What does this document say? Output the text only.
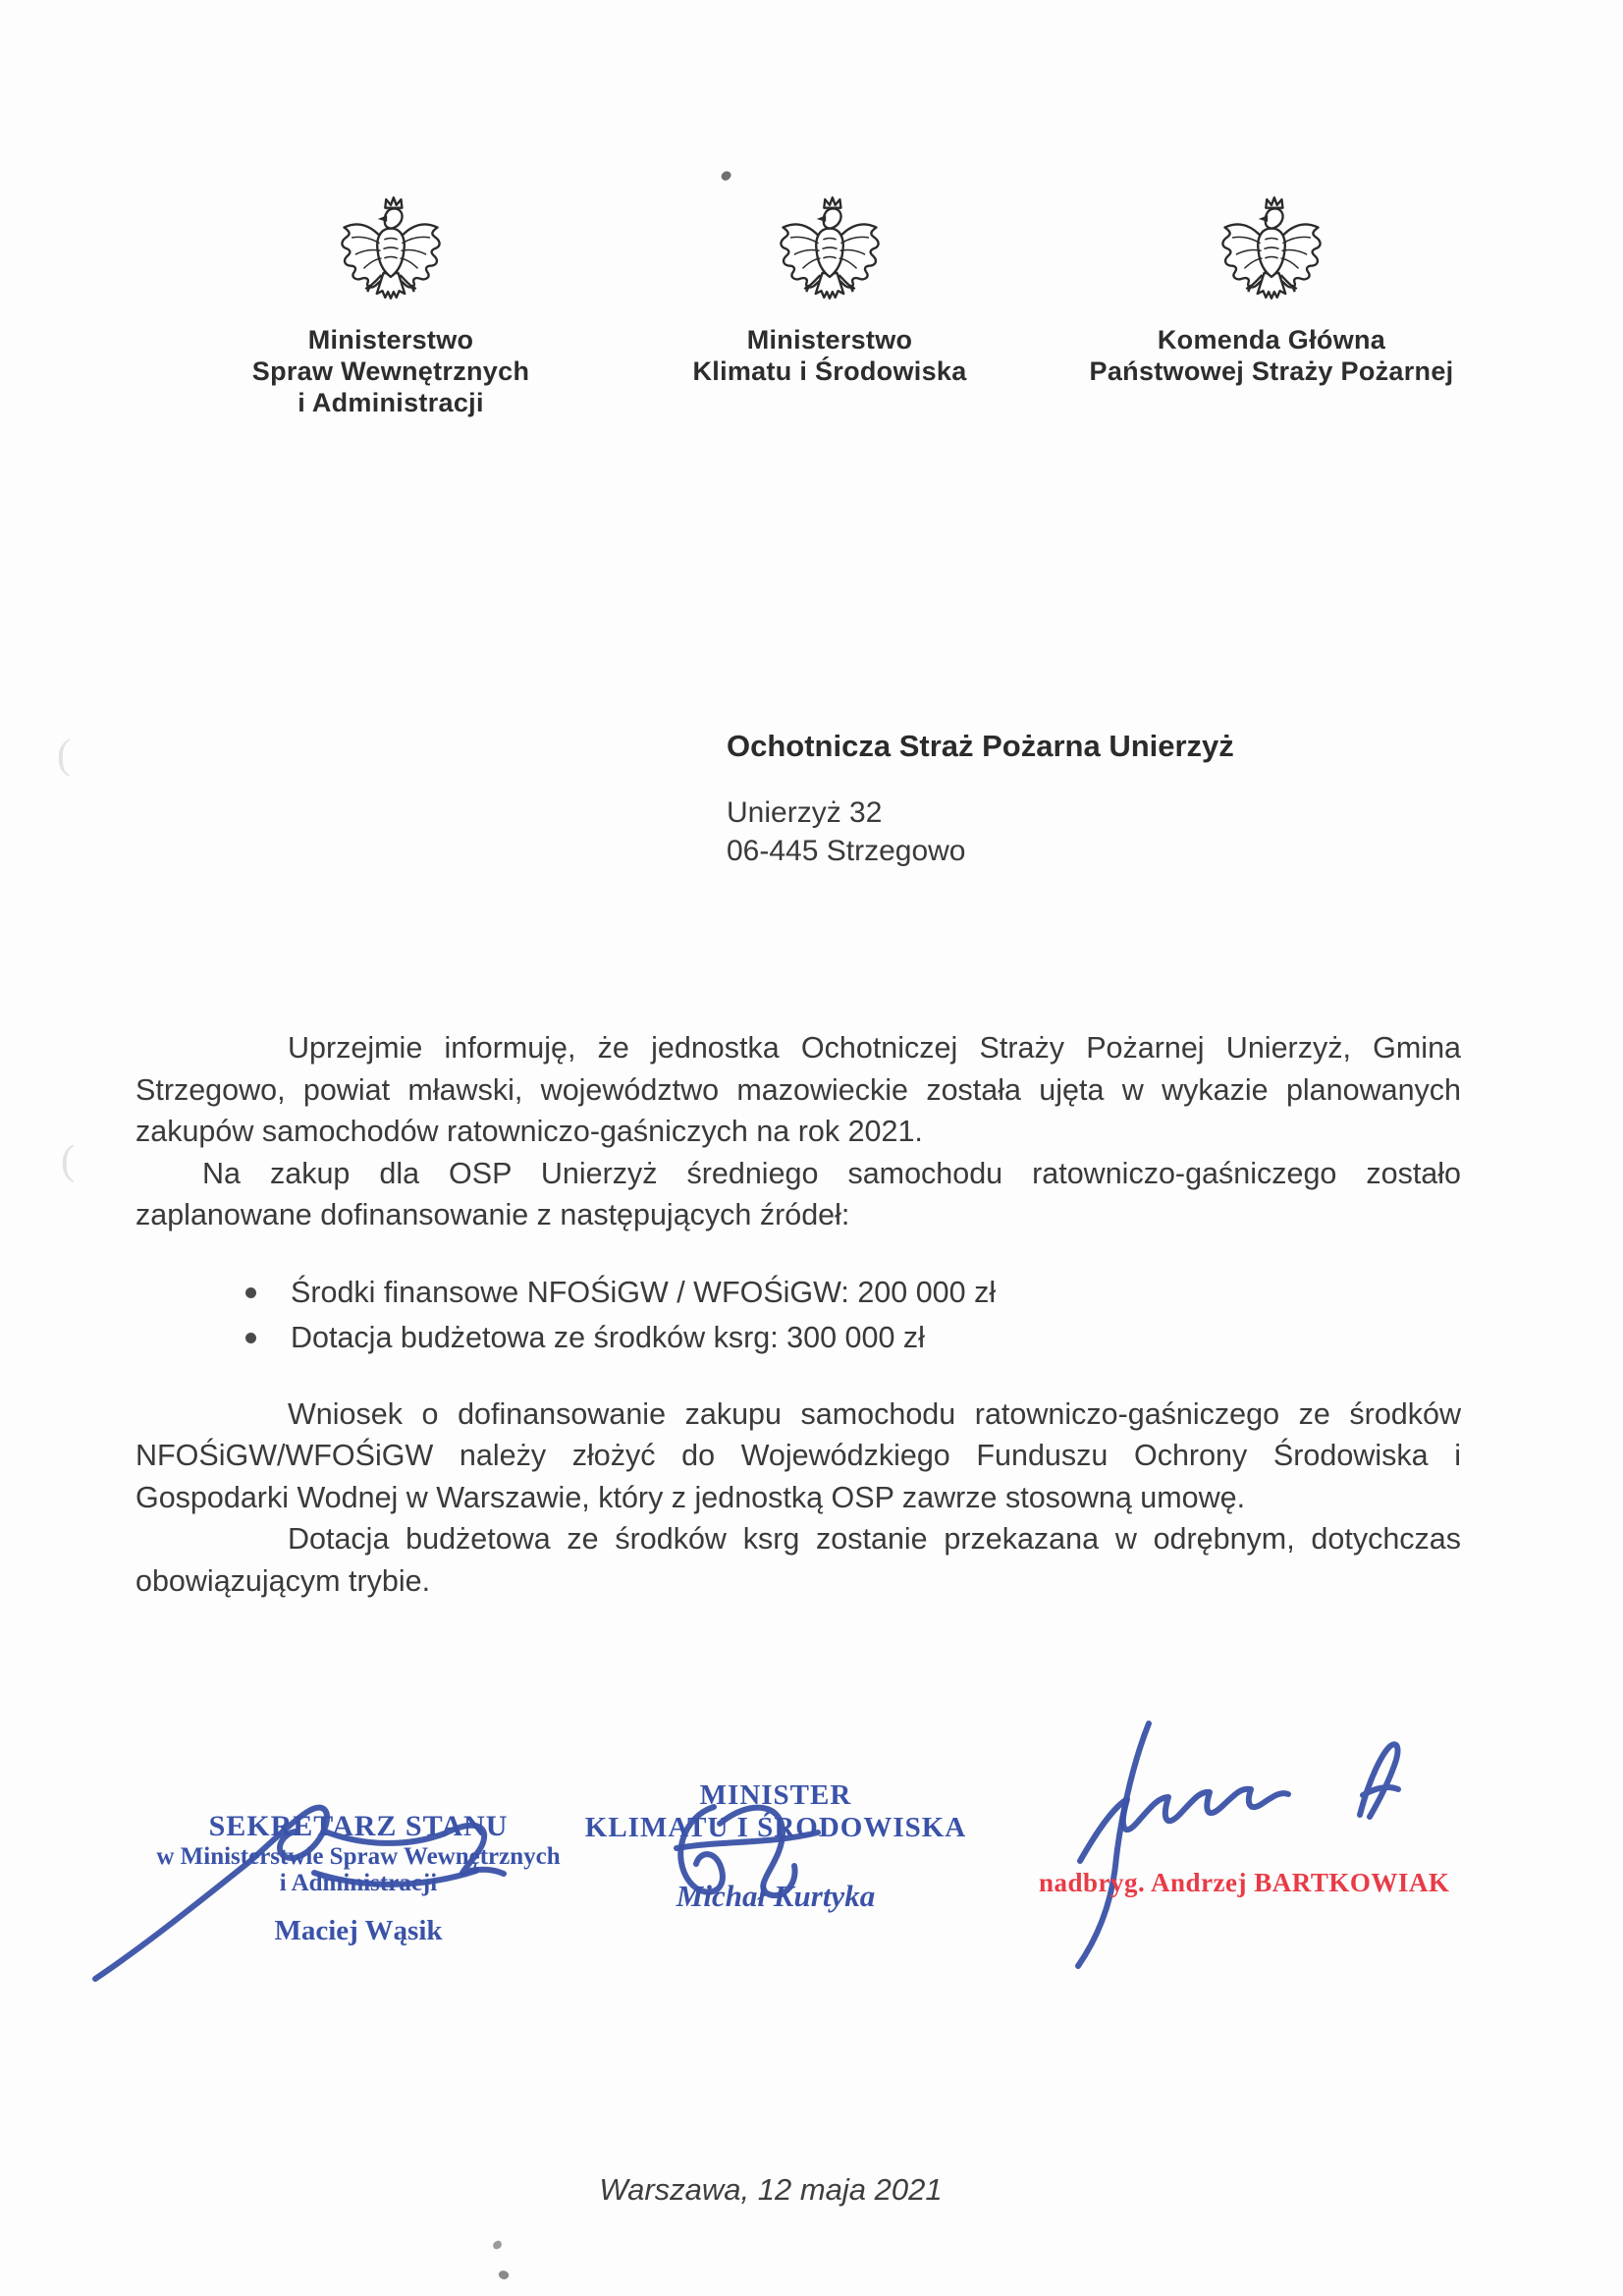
(
(
Ministerstwo
Spraw Wewnętrznych
i Administracji
Ministerstwo
Klimatu i Środowiska
Komenda Główna
Państwowej Straży Pożarnej

Ochotnicza Straż Pożarna Unierzyż

Unierzyż 32

06-445 Strzegowo

Uprzejmie informuję, że jednostka Ochotniczej Straży Pożarnej Unierzyż, Gmina Strzegowo, powiat mławski, województwo mazowieckie została ujęta w wykazie planowanych zakupów samochodów ratowniczo-gaśniczych na rok 2021.

Na zakup dla OSP Unierzyż średniego samochodu ratowniczo-gaśniczego zostało zaplanowane dofinansowanie z następujących źródeł:

Środki finansowe NFOŚiGW / WFOŚiGW: 200 000 zł
Dotacja budżetowa ze środków ksrg: 300 000 zł

Wniosek o dofinansowanie zakupu samochodu ratowniczo-gaśniczego ze środków NFOŚiGW/WFOŚiGW należy złożyć do Wojewódzkiego Funduszu Ochrony Środowiska i Gospodarki Wodnej w Warszawie, który z jednostką OSP zawrze stosowną umowę.

Dotacja budżetowa ze środków ksrg zostanie przekazana w odrębnym, dotychczas obowiązującym trybie.

SEKRETARZ STANU
w Ministerstwie Spraw Wewnętrznych
i Administracji
Maciej Wąsik
MINISTER
KLIMATU I ŚRODOWISKA
Michał Kurtyka	nadbryg. Andrzej BARTKOWIAK
Warszawa, 12 maja 2021
